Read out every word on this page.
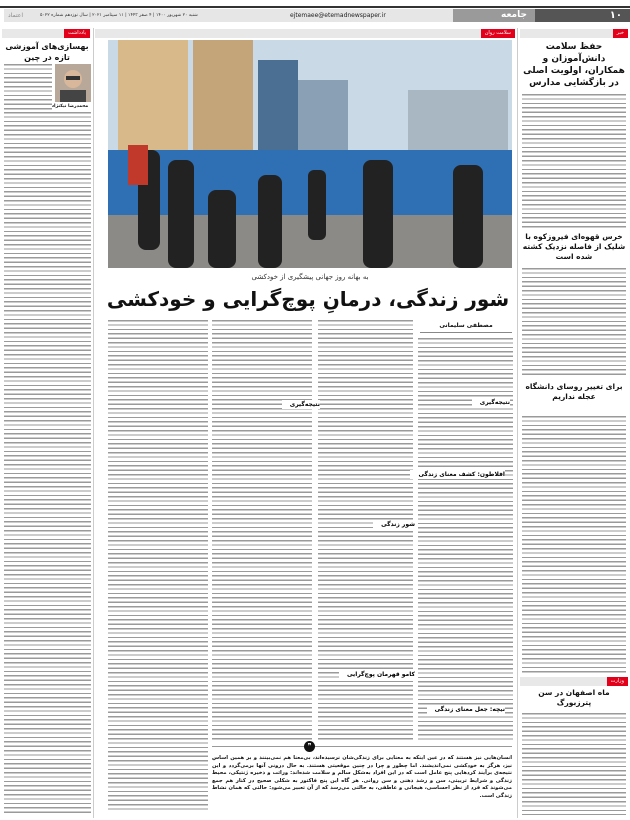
۱۰
جامعه
ejtemaee@etemadnewspaper.ir
شنبه ۲۰ شهریور ۱۴۰۰ | ۴ صفر ۱۴۴۳ | ۱۱ سپتامبر ۲۰۲۱ | سال نوزدهم شماره ۵۰۲۲
اعتماد
خبر
حفظ سلامت دانش‌آموزان و همکاران، اولویت اصلی در بازگشایی مدارس
خرس قهوه‌ای فیروزکوه با شلیک از فاصله نزدیک کشته شده است
برای تغییر روسای دانشگاه عجله نداریم
وزارت
ماه اصفهان در سن پترزبورگ
سلامت روان
به بهانه روز جهانی پیشگیری از خودکشی
مصطفی سلیمانی
شور زندگی، درمانِ پوچ‌گرایی و خودکشی
نتیجه‌گیری
نتیجه‌گیری
افلاطون: کشف معنای زندگی
شور زندگی
کامو قهرمان پوچ‌گرایی
نیچه: جعل معنای زندگی
❞
انسان‌هایی نیز هستند که در عین اینکه به معنایی برای زندگی‌شان نرسیده‌اند، بی‌معنا هم نمی‌بینند و بر همین اساس نیز، هرگز به خودکشی نمی‌اندیشند. اما چطور و چرا در چنین موقعیتی هستند. به حال درونی آنها برمی‌گردد و این نتیجه‌ی برآیند کردهایی پنج عامل است که در این افراد به‌شکل سالم و سلامت شده‌اند: وراثت و ذخیره ژنتیکی، محیط زندگی و شرایط تربیتی، سن و رشد ذهنی و سن روانی. هر گاه این پنج فاکتور به شکلی صحیح در کنار هم جمع می‌شوند که فرد از نظر احساسی، هیجانی و عاطفی، به حالتی می‌رسد که از آن تعبیر می‌شود: حالتی که همان نشاط زندگی است.
یادداشت
بهسازی‌های آموزشی تازه در چین
محمدرضا نیکنژاد
